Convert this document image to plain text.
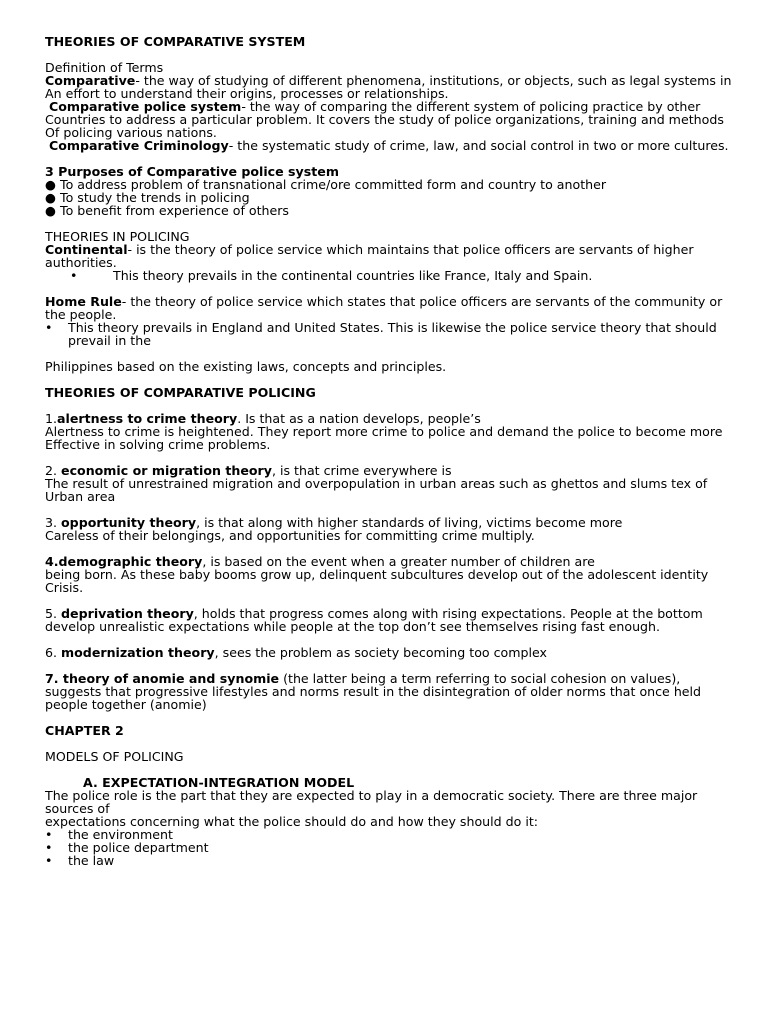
THEORIES OF COMPARATIVE SYSTEM

Definition of Terms

Comparative- the way of studying of different phenomena, institutions, or objects, such as legal systems in

An effort to understand their origins, processes or relationships.

Comparative police system- the way of comparing the different system of policing practice by other

Countries to address a particular problem. It covers the study of police organizations, training and methods

Of policing various nations.

Comparative Criminology- the systematic study of crime, law, and social control in two or more cultures.

3 Purposes of Comparative police system

● To address problem of transnational crime/ore committed form and country to another

● To study the trends in policing

● To benefit from experience of others

THEORIES IN POLICING

Continental- is the theory of police service which maintains that police officers are servants of higher authorities.

•	This theory prevails in the continental countries like France, Italy and Spain.

Home Rule- the theory of police service which states that police officers are servants of the community or the people.

•	This theory prevails in England and United States. This is likewise the police service theory that should prevail in the

Philippines based on the existing laws, concepts and principles.

THEORIES OF COMPARATIVE POLICING

1.alertness to crime theory. Is that as a nation develops, people’s

Alertness to crime is heightened. They report more crime to police and demand the police to become more

Effective in solving crime problems.

2. economic or migration theory, is that crime everywhere is

The result of unrestrained migration and overpopulation in urban areas such as ghettos and slums tex of Urban area

3. opportunity theory, is that along with higher standards of living, victims become more

Careless of their belongings, and opportunities for committing crime multiply.

4.demographic theory, is based on the event when a greater number of children are

being born. As these baby booms grow up, delinquent subcultures develop out of the adolescent identity

Crisis.

5. deprivation theory, holds that progress comes along with rising expectations. People at the bottom develop unrealistic expectations while people at the top don’t see themselves rising fast enough.

6. modernization theory, sees the problem as society becoming too complex

7. theory of anomie and synomie (the latter being a term referring to social cohesion on values), suggests that progressive lifestyles and norms result in the disintegration of older norms that once held people together (anomie)

CHAPTER 2

MODELS OF POLICING

A. EXPECTATION-INTEGRATION MODEL

The police role is the part that they are expected to play in a democratic society. There are three major sources of

expectations concerning what the police should do and how they should do it:

•	the environment
•	the police department
•	the law
